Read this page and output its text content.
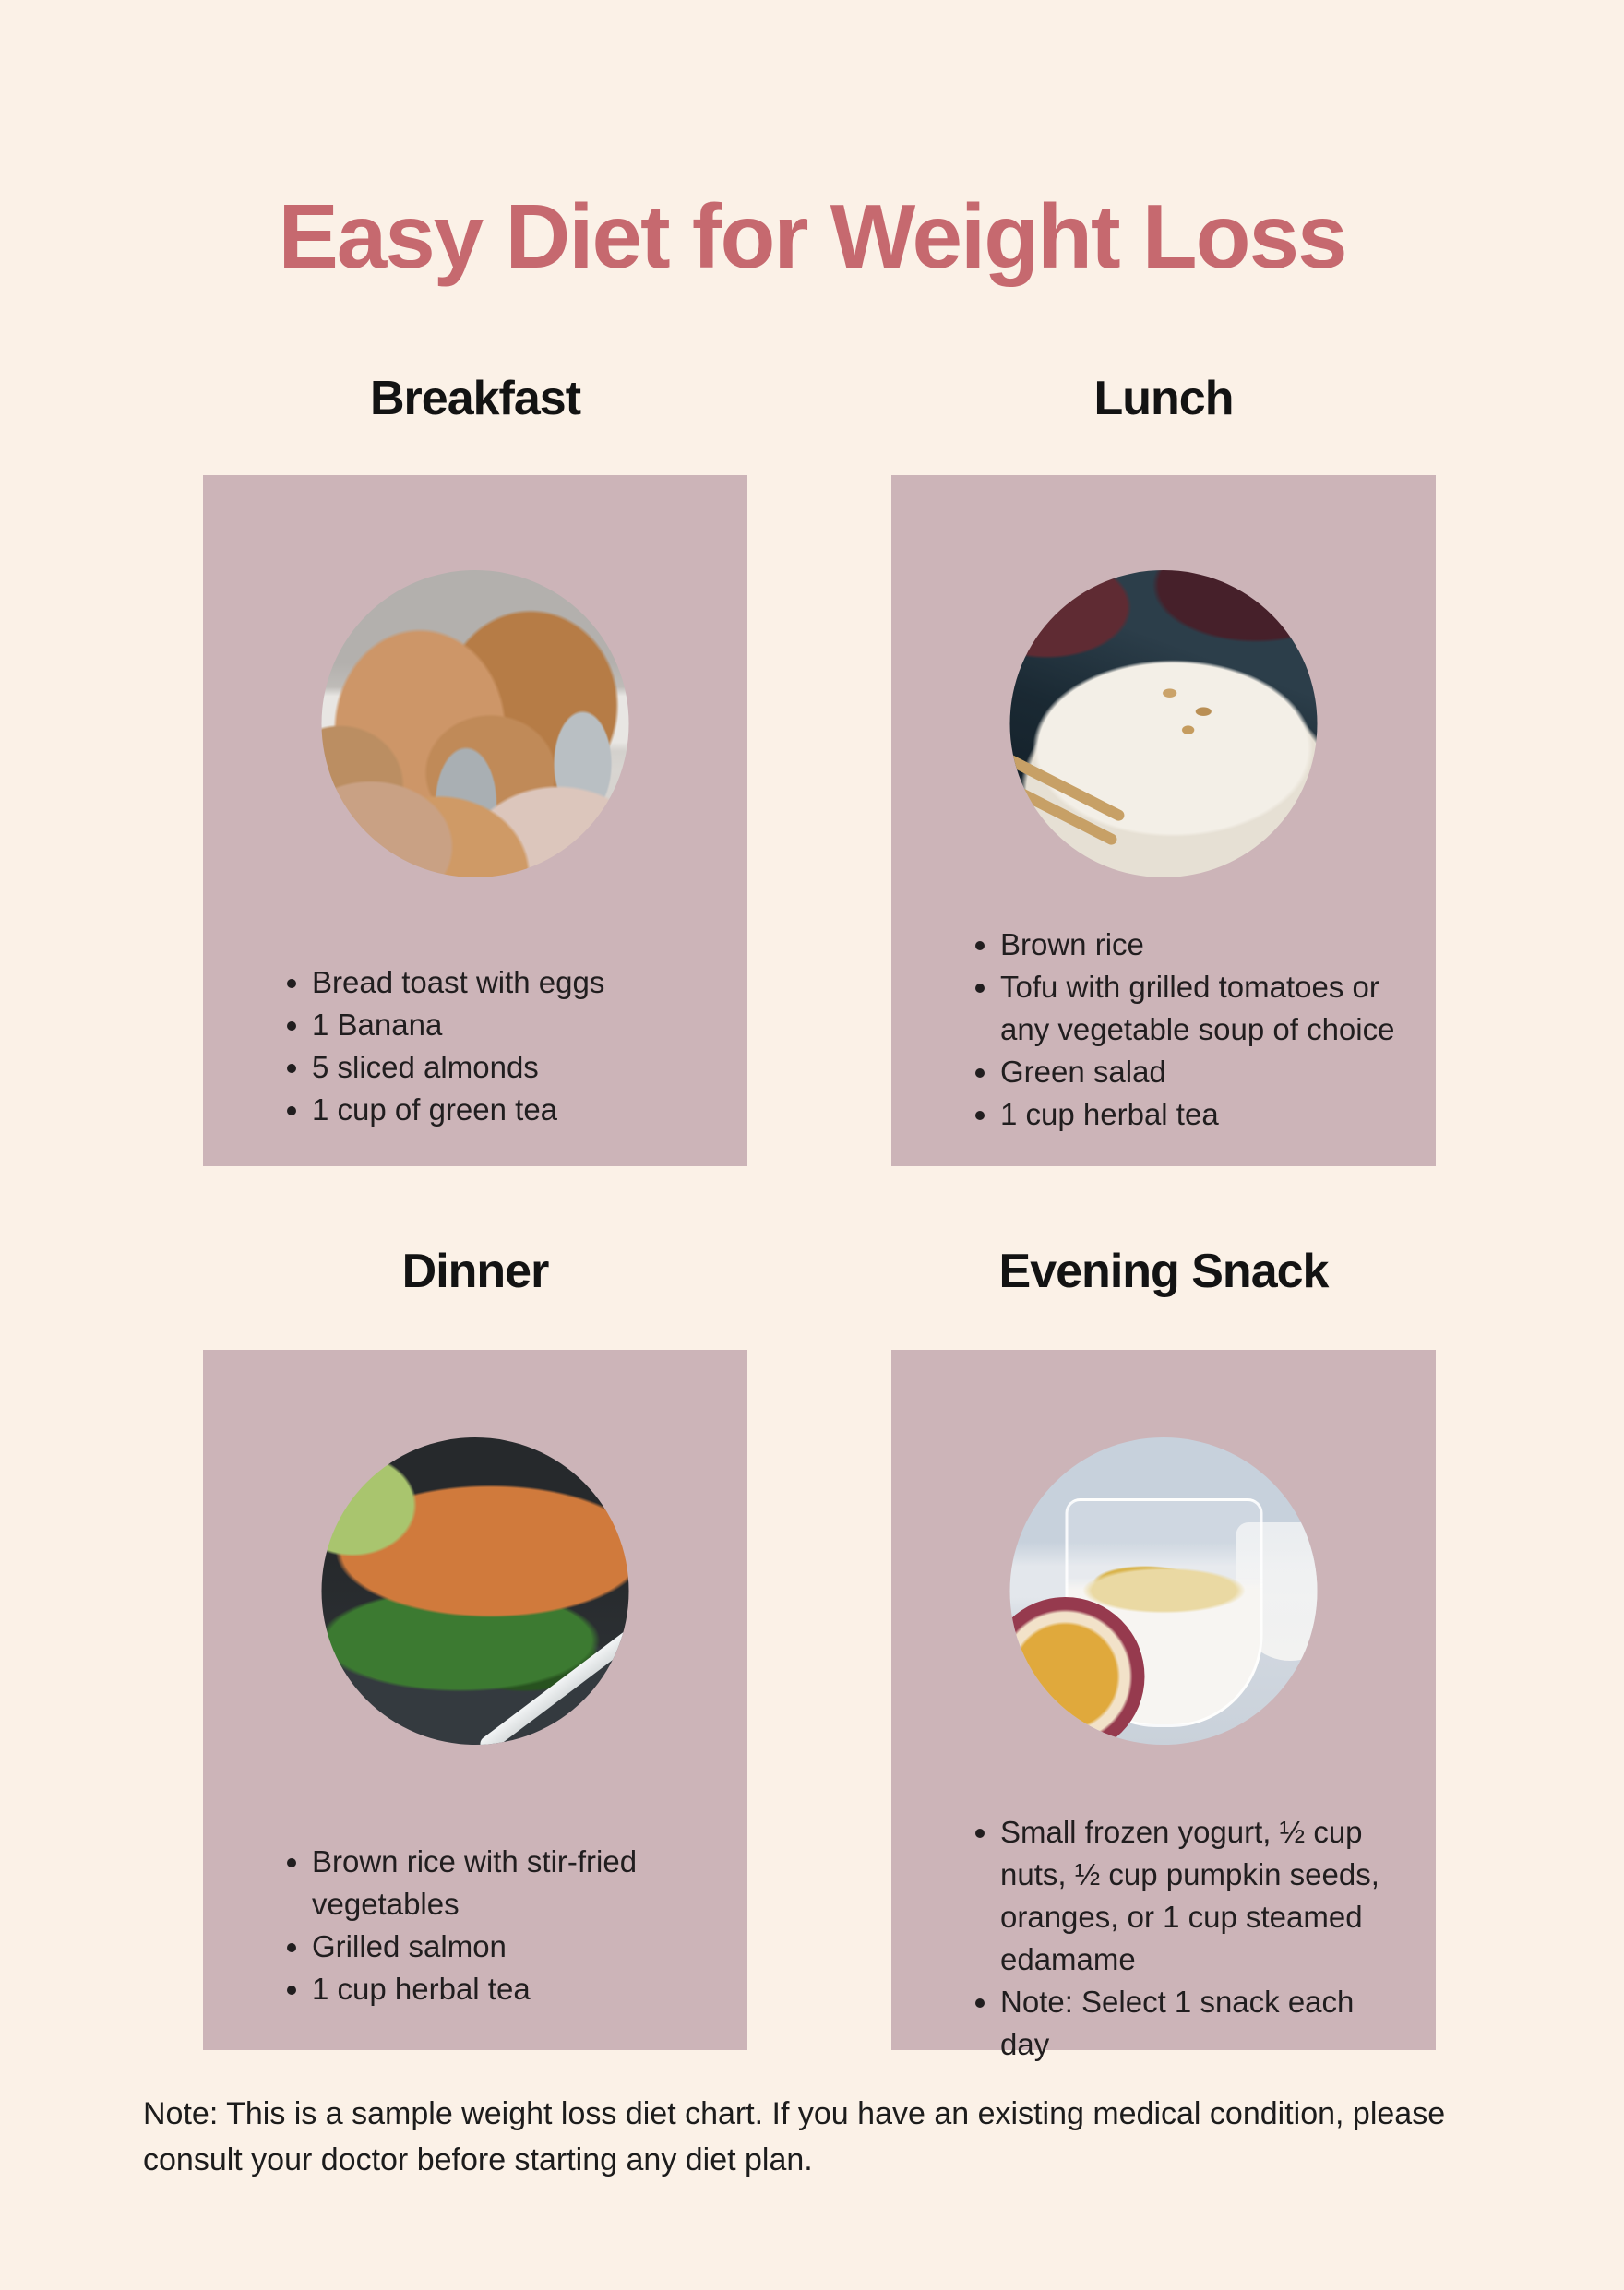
Easy Diet for Weight Loss
Breakfast	Lunch
Dinner	Evening Snack
• Bread toast with eggs
• 1 Banana
• 5 sliced almonds
• 1 cup of green tea
• Brown rice
• Tofu with grilled tomatoes or any vegetable soup of choice
• Green salad
• 1 cup herbal tea
• Brown rice with stir-fried vegetables
• Grilled salmon
• 1 cup herbal tea
• Small frozen yogurt, ½ cup nuts, ½ cup pumpkin seeds, oranges, or 1 cup steamed edamame
• Note: Select 1 snack each day

Note: This is a sample weight loss diet chart. If you have an existing medical condition, please consult your doctor before starting any diet plan.
